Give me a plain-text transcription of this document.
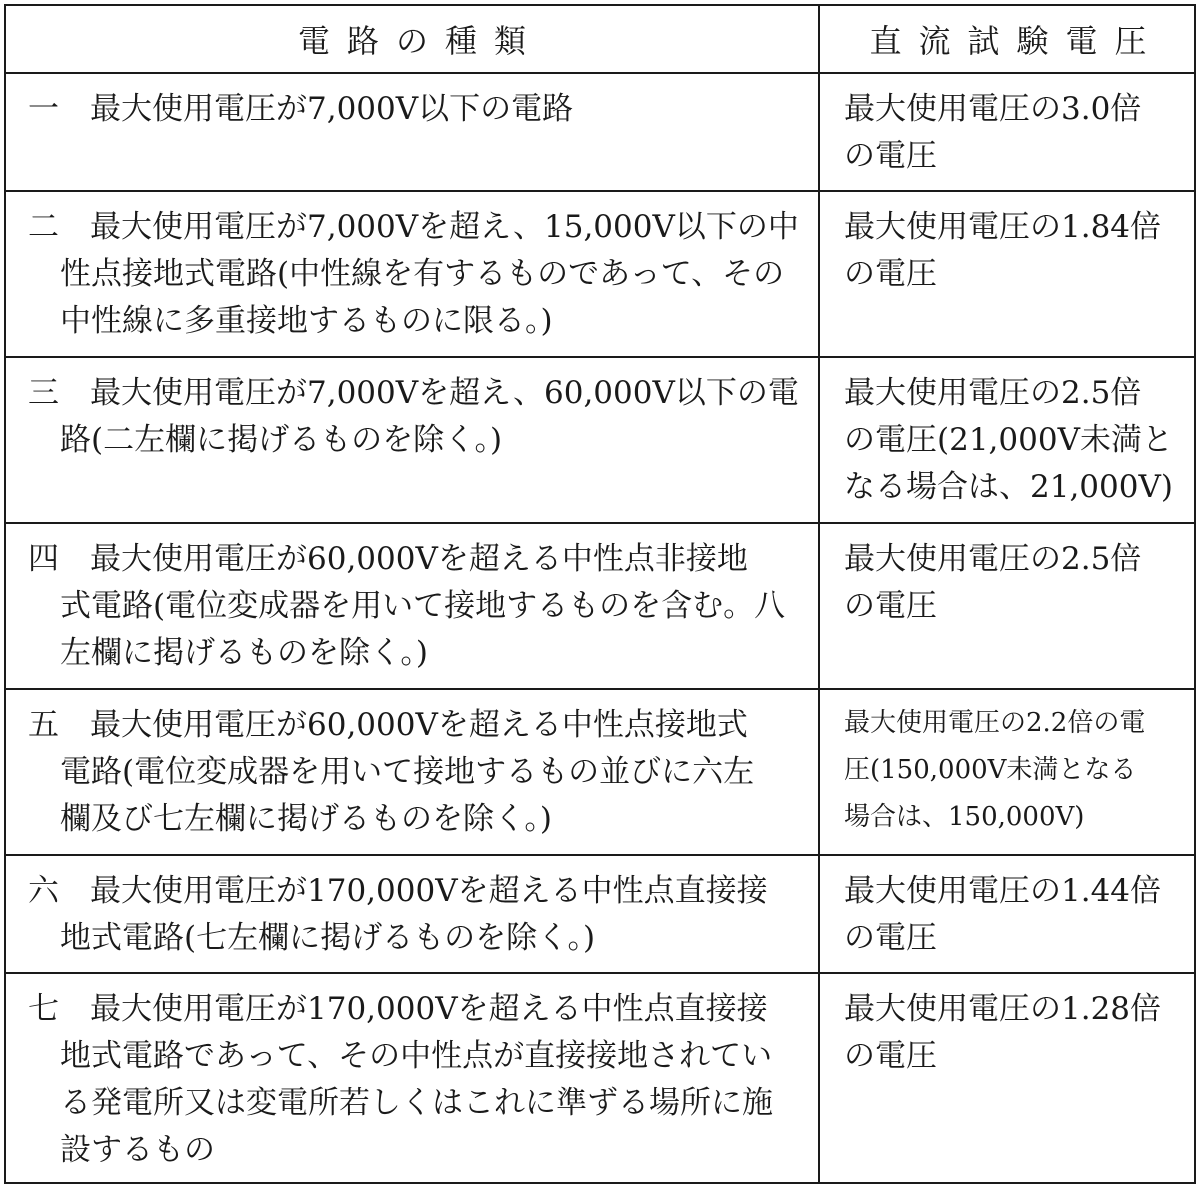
電路の種類	直流試験電圧
一 最大使用電圧が7,000V以下の電路	最大使用電圧の3.0倍
の電圧
二 最大使用電圧が7,000Vを超え、15,000V以下の中
性点接地式電路(中性線を有するものであって、その
中性線に多重接地するものに限る。)
最大使用電圧の1.84倍
の電圧
三 最大使用電圧が7,000Vを超え、60,000V以下の電
路(二左欄に掲げるものを除く。)
最大使用電圧の2.5倍
の電圧(21,000V未満と
なる場合は、21,000V)
四 最大使用電圧が60,000Vを超える中性点非接地
式電路(電位変成器を用いて接地するものを含む。八
左欄に掲げるものを除く。)
最大使用電圧の2.5倍
の電圧
五 最大使用電圧が60,000Vを超える中性点接地式
電路(電位変成器を用いて接地するもの並びに六左
欄及び七左欄に掲げるものを除く。)
最大使用電圧の2.2倍の電
圧(150,000V未満となる
場合は、150,000V)
六 最大使用電圧が170,000Vを超える中性点直接接
地式電路(七左欄に掲げるものを除く。)
最大使用電圧の1.44倍
の電圧
七 最大使用電圧が170,000Vを超える中性点直接接
地式電路であって、その中性点が直接接地されてい
る発電所又は変電所若しくはこれに準ずる場所に施
設するもの
最大使用電圧の1.28倍
の電圧
